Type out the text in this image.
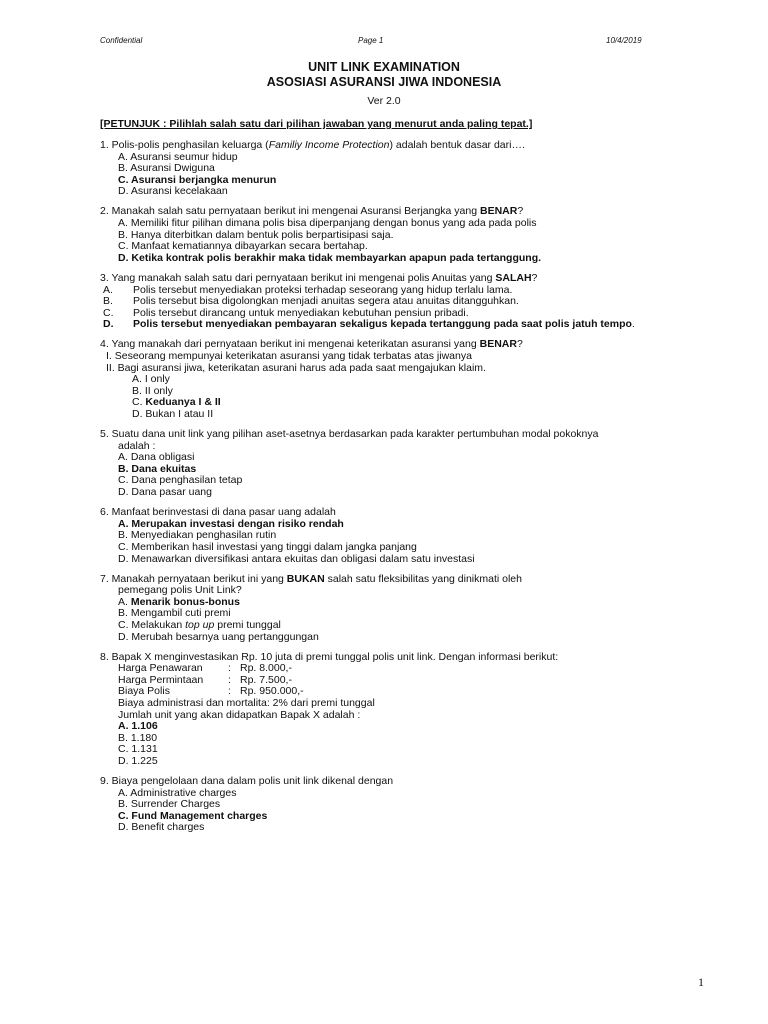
Confidential	Page 1	10/4/2019
UNIT LINK EXAMINATION
ASOSIASI ASURANSI JIWA INDONESIA
Ver 2.0
[PETUNJUK : Pilihlah salah satu dari pilihan jawaban yang menurut anda paling tepat.]
1. Polis-polis penghasilan keluarga (Familiy Income Protection) adalah bentuk dasar dari….
A. Asuransi seumur hidup
B. Asuransi Dwiguna
C. Asuransi berjangka menurun
D. Asuransi kecelakaan
2. Manakah salah satu pernyataan berikut ini mengenai Asuransi Berjangka yang BENAR?
A. Memiliki fitur pilihan dimana polis bisa diperpanjang dengan bonus yang ada pada polis
B. Hanya diterbitkan dalam bentuk polis berpartisipasi saja.
C. Manfaat kematiannya dibayarkan secara bertahap.
D. Ketika kontrak polis berakhir maka tidak membayarkan apapun pada tertanggung.
3. Yang manakah salah satu dari pernyataan berikut ini mengenai polis Anuitas yang SALAH?
A. Polis tersebut menyediakan proteksi terhadap seseorang yang hidup terlalu lama.
B. Polis tersebut bisa digolongkan menjadi anuitas segera atau anuitas ditangguhkan.
C. Polis tersebut dirancang untuk menyediakan kebutuhan pensiun pribadi.
D. Polis tersebut menyediakan pembayaran sekaligus kepada tertanggung pada saat polis jatuh tempo.
4. Yang manakah dari pernyataan berikut ini mengenai keterikatan asuransi yang BENAR?
I. Seseorang mempunyai keterikatan asuransi yang tidak terbatas atas jiwanya
II. Bagi asuransi jiwa, keterikatan asurani harus ada pada saat mengajukan klaim.
A. I only
B. II only
C. Keduanya I & II
D. Bukan I atau II
5. Suatu dana unit link yang pilihan aset-asetnya berdasarkan pada karakter pertumbuhan modal pokoknya
adalah :
A. Dana obligasi
B. Dana ekuitas
C. Dana penghasilan tetap
D. Dana pasar uang
6. Manfaat berinvestasi di dana pasar uang adalah
A. Merupakan investasi dengan risiko rendah
B. Menyediakan penghasilan rutin
C. Memberikan hasil investasi yang tinggi dalam jangka panjang
D. Menawarkan diversifikasi antara ekuitas dan obligasi dalam satu investasi
7. Manakah pernyataan berikut ini yang BUKAN salah satu fleksibilitas yang dinikmati oleh
pemegang polis Unit Link?
A. Menarik bonus-bonus
B. Mengambil cuti premi
C. Melakukan top up premi tunggal
D. Merubah besarnya uang pertanggungan
8. Bapak X menginvestasikan Rp. 10 juta di premi tunggal polis unit link. Dengan informasi berikut:
Harga Penawaran : Rp. 8.000,-
Harga Permintaan : Rp. 7.500,-
Biaya Polis	: Rp. 950.000,-
Biaya administrasi dan mortalita: 2% dari premi tunggal
Jumlah unit yang akan didapatkan Bapak X adalah :
A. 1.106
B. 1.180
C. 1.131
D. 1.225
9. Biaya pengelolaan dana dalam polis unit link dikenal dengan
A. Administrative charges
B. Surrender Charges
C. Fund Management charges
D. Benefit charges
1
